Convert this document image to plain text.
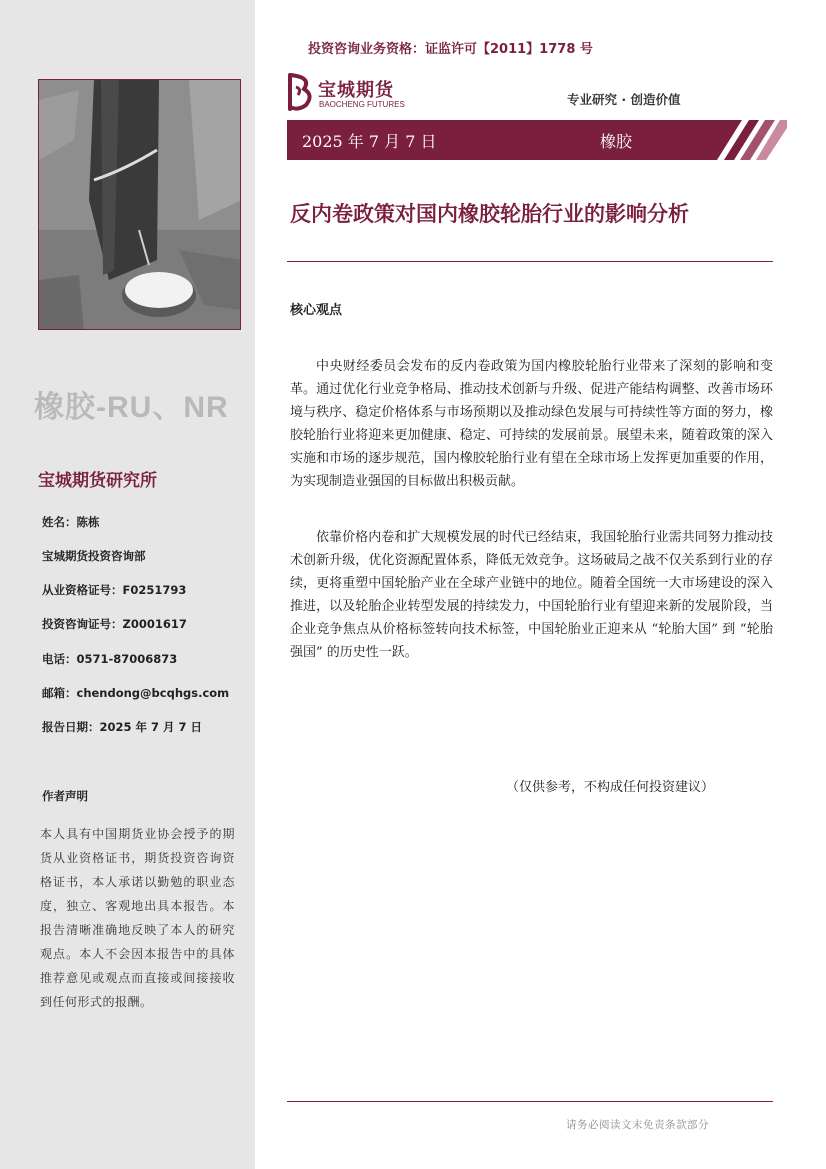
橡胶-RU、NR
宝城期货研究所
姓名：陈栋
宝城期货投资咨询部
从业资格证号：F0251793
投资咨询证号：Z0001617
电话：0571-87006873
邮箱：chendong@bcqhgs.com
报告日期：2025 年 7 月 7 日
作者声明
本人具有中国期货业协会授予的期货从业资格证书，期货投资咨询资格证书，本人承诺以勤勉的职业态度，独立、客观地出具本报告。本报告清晰准确地反映了本人的研究观点。本人不会因本报告中的具体推荐意见或观点而直接或间接接收到任何形式的报酬。
投资咨询业务资格：证监许可【2011】1778 号
宝城期货
BAOCHENG FUTURES	专业研究 · 创造价值
2025 年 7 月 7 日	橡胶
反内卷政策对国内橡胶轮胎行业的影响分析
核心观点

中央财经委员会发布的反内卷政策为国内橡胶轮胎行业带来了深刻的影响和变革。通过优化行业竞争格局、推动技术创新与升级、促进产能结构调整、改善市场环境与秩序、稳定价格体系与市场预期以及推动绿色发展与可持续性等方面的努力，橡胶轮胎行业将迎来更加健康、稳定、可持续的发展前景。展望未来，随着政策的深入实施和市场的逐步规范，国内橡胶轮胎行业有望在全球市场上发挥更加重要的作用，为实现制造业强国的目标做出积极贡献。

依靠价格内卷和扩大规模发展的时代已经结束，我国轮胎行业需共同努力推动技术创新升级，优化资源配置体系，降低无效竞争。这场破局之战不仅关系到行业的存续，更将重塑中国轮胎产业在全球产业链中的地位。随着全国统一大市场建设的深入推进，以及轮胎企业转型发展的持续发力，中国轮胎行业有望迎来新的发展阶段，当企业竞争焦点从价格标签转向技术标签，中国轮胎业正迎来从 “轮胎大国” 到 “轮胎强国” 的历史性一跃。

（仅供参考，不构成任何投资建议）
请务必阅读文末免责条款部分
